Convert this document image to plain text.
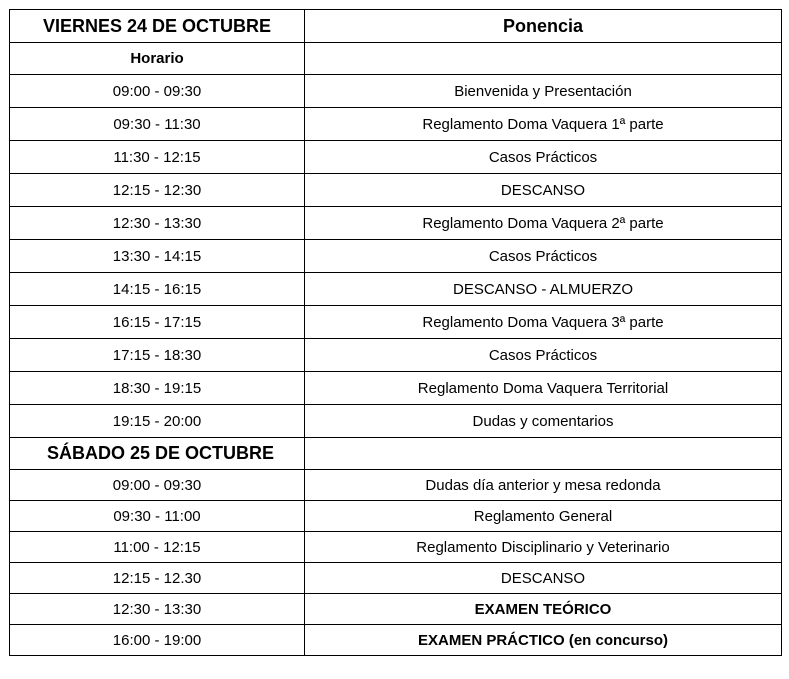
VIERNES 24 DE OCTUBRE	Ponencia
Horario	
09:00 - 09:30	Bienvenida y Presentación
09:30 - 11:30	Reglamento Doma Vaquera 1ª parte
11:30 - 12:15	Casos Prácticos
12:15 - 12:30	DESCANSO
12:30 - 13:30	Reglamento Doma Vaquera 2ª parte
13:30 - 14:15	Casos Prácticos
14:15 - 16:15	DESCANSO - ALMUERZO
16:15 - 17:15	Reglamento Doma Vaquera 3ª parte
17:15 - 18:30	Casos Prácticos
18:30 - 19:15	Reglamento Doma Vaquera Territorial
19:15 - 20:00	Dudas y comentarios
SÁBADO 25 DE OCTUBRE	
09:00 - 09:30	Dudas día anterior y mesa redonda
09:30 - 11:00	Reglamento General
11:00 - 12:15	Reglamento Disciplinario y Veterinario
12:15 - 12.30	DESCANSO
12:30 - 13:30	EXAMEN TEÓRICO
16:00 - 19:00	EXAMEN PRÁCTICO (en concurso)
